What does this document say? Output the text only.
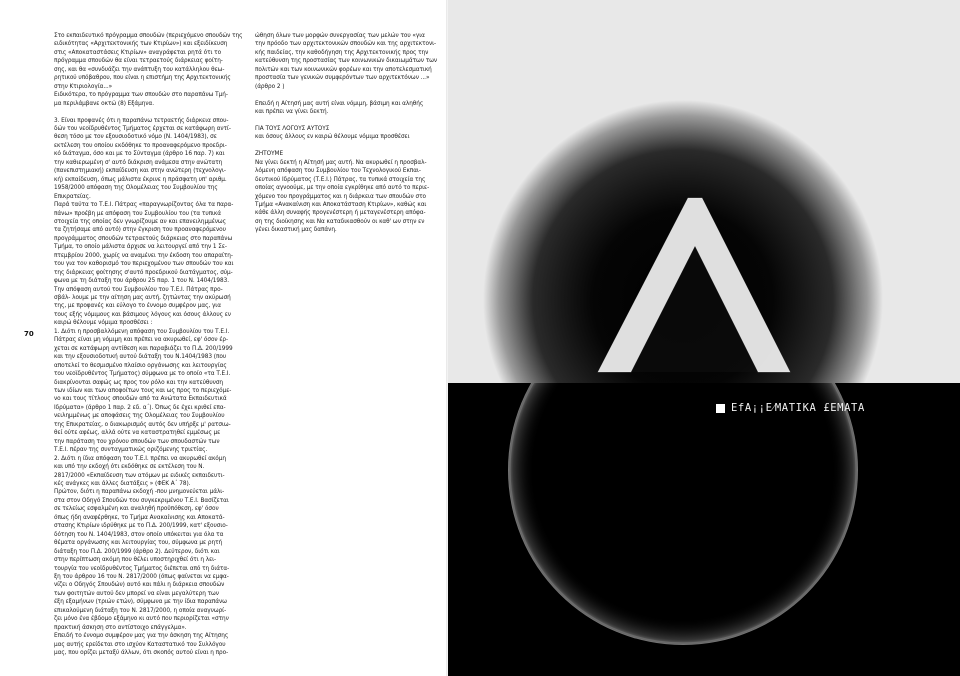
70

Στο εκπαιδευτικό πρόγραμμα σπουδών (περιεχόμενο σπουδών της

ειδικότητας «Αρχιτεκτονικής των Κτιρίων») και εξειδίκευση

στις «Αποκαταστάσεις Κτιρίων» αναγράφεται ρητά ότι το

πρόγραμμα σπουδών θα είναι τετραετούς διάρκειας φοίτη-

σης, και θα «συνδυάζει την ανάπτυξη του κατάλληλου θεω-

ρητικού υπόβαθρου, που είναι η επιστήμη της Αρχιτεκτονικής

στην Κτιριολογία...»

Ειδικότερα, το πρόγραμμα των σπουδών στο παραπάνω Τμή-

μα περιλάμβανε οκτώ (8) Εξάμηνα.

3. Είναι προφανές ότι η παραπάνω τετραετής διάρκεια σπου-

δών του νεοϊδρυθέντος Τμήματος έρχεται σε κατάφωρη αντί-

θεση τόσο με τον εξουσιοδοτικό νόμο (Ν. 1404/1983), σε

εκτέλεση του οποίου εκδόθηκε το προαναφερόμενο προεδρι-

κό διάταγμα, όσο και με το Σύνταγμα (άρθρο 16 παρ. 7) και

την καθιερωμένη σ' αυτό διάκριση ανάμεσα στην ανώτατη

(πανεπιστημιακή) εκπαίδευση και στην ανώτερη (τεχνολογι-

κή) εκπαίδευση, όπως μάλιστα έκρινε η πράσφατη υπ' αριθμ.

1958/2000 απόφαση της Ολομέλειας του Συμβουλίου της

Επικρατείας.

Παρά ταύτα το Τ.Ε.Ι. Πάτρας «παραγνωρίζοντας όλα τα παρα-

πάνω» προέβη με απόφαση του Συμβουλίου του (τα τυπικά

στοιχεία της οποίας δεν γνωρίζουμε αν και επανειλημμένως

τα ζητήσαμε από αυτό) στην έγκριση του προαναφερόμενου

προγράμματος σπουδών τετραετούς διάρκειας στο παραπάνω

Τμήμα, το οποίο μάλιστα άρχισε να λειτουργεί από την 1 Σε-

πτεμβρίου 2000, χωρίς να αναμένει την έκδοση του απαραίτη-

του για τον καθορισμό του περιεχομένου των σπουδών του και

της διάρκειας φοίτησης σ'αυτό προεδρικού διατάγματος, σύμ-

φωνα με τη διάταξη του άρθρου 25 παρ. 1 του Ν. 1404/1983.

Την απόφαση αυτού του Συμβουλίου του Τ.Ε.Ι. Πάτρας προ-

σβάλ- λουμε με την αίτηση μας αυτή, ζητώντας την ακύρωσή

της, με προφανές και εύλογο το έννομο συμφέρον μας, για

τους εξής νόμιμους και βάσιμους λόγους και όσους άλλους εν

καιρώ θέλουμε νόμιμα προσθέσει :

1. Διότι η προσβαλλόμενη απόφαση του Συμβουλίου του Τ.Ε.Ι.

Πάτρας είναι μη νόμιμη και πρέπει να ακυρωθεί, εφ' όσον έρ-

χεται σε κατάφωρη αντίθεση και παραβιάζει το Π.Δ. 200/1999

και την εξουσιοδοτική αυτού διάταξη του Ν.1404/1983 (που

αποτελεί το θεσμισμένο πλαίσιο οργάνωσης και λειτουργίας

του νεοϊδρυθέντος Τμήματος) σύμφωνα με το οποίο «τα Τ.Ε.Ι.

διακρίνονται σαφώς ως προς τον ρόλο και την κατεύθυνση

των ιδίων και των αποφοίτων τους και ως προς το περιεχόμε-

νο και τους τίτλους σπουδών από τα Ανώτατα Εκπαιδευτικά

Ιδρύματα» (άρθρο 1 παρ. 2 εδ. α΄). Όπως δε έχει κριθεί επα-

νειλημμένως με αποφάσεις της Ολομέλειας του Συμβουλίου

της Επικρατείας, ο διακωρισμός αυτός δεν υπήρξε μ' ρατσιω-

θεί ούτε αφέως, αλλά ούτε να καταστρατηθεί εμμέσως με

την παράταση του χρόνου σπουδών των σπουδαστών των

Τ.Ε.Ι. πέραν της συνταγματικώς οριζόμενης τριετίας.

2. Διότι η ίδια απόφαση του Τ.Ε.Ι. πρέπει να ακυρωθεί ακόμη

και υπό την εκδοχή ότι εκδόθηκε σε εκτέλεση του Ν.

2817/2000 «Εκπαίδευση των ατόμων με ειδικές εκπαιδευτι-

κές ανάγκες και άλλες διατάξεις » (ΦΕΚ Α΄ 78).

Πρώτον, διότι η παραπάνω εκδοχή -που μνημονεύεται μάλι-

στα στον Οδηγό Σπουδών του συγκεκριμένου Τ.Ε.Ι. Βασίζεται

σε τελείως εσφαλμένη και αναληθή προϋπόθεση, εφ' όσον

όπως ήδη αναφέρθηκε, το Τμήμα Ανακαίνισης και Αποκατά-

στασης Κτιρίων ιδρύθηκε με το Π.Δ. 200/1999, κατ' εξουσιο-

δότηση του Ν. 1404/1983, στον οποίο υπόκειται για όλα τα

θέματα οργάνωσης και λειτουργίας του, σύμφωνα με ρητή

διάταξη του Π.Δ. 200/1999 (άρθρο 2). Δεύτερον, διότι και

στην περίπτωση ακόμη που θέλει υποστηριχθεί ότι η λει-

τουργία του νεοϊδρυθέντος Τμήματος διέπεται από τη διάτα-

ξη του άρθρου 16 του Ν. 2817/2000 (όπως φαίνεται να εμφα-

νίζει ο Οδηγός Σπουδών) αυτό και πάλι η διάρκεια σπουδών

των φοιτητών αυτού δεν μπορεί να είναι μεγαλύτερη των

έξη εξαμήνων (τριών ετών), σύμφωνα με την ίδια παραπάνω

επικαλούμενη διάταξη του Ν. 2817/2000, η οποία αναγνωρί-

ζει μόνο ένα έβδομο εξάμηνο κι αυτό που περιορίζεται «στην

πρακτική άσκηση στο αντίστοιχο επάγγελμα».

Επειδή το έννομο συμφέρον μας για την άσκηση της Αίτησης

μας αυτής ερείδεται στο ισχύον Καταστατικό του Συλλόγου

μας, που ορίζει μεταξύ άλλων, ότι σκοπός αυτού είναι η προ-

ώθηση όλων των μορφών συνεργασίας των μελών του «για

την πρόοδο των αρχιτεκτονικών σπουδών και της αρχιτεκτονι-

κής παιδείας, την καθοδήγηση της Αρχιτεκτονικής προς την

κατεύθυνση της προστασίας των κοινωνικών δικαιωμάτων των

πολιτών και των κοινωνικών φορέων και την αποτελεσματική

προστασία των γενικών συμφερόντων των αρχιτεκτόνων ...»

(άρθρο 2 )

Επειδή η Αίτησή μας αυτή είναι νόμιμη, βάσιμη και αληθής

και πρέπει να γίνει δεκτή.

ΓΙΑ ΤΟΥΣ ΛΟΓΟΥΣ ΑΥΤΟΥΣ

και όσους άλλους εν καιρώ θέλουμε νόμιμα προσθέσει

ΖΗΤΟΥΜΕ

Να γίνει δεκτή η Αίτησή μας αυτή. Να ακυρωθεί η προσβαλ-

λόμενη απόφαση του Συμβουλίου του Τεχνολογικού Εκπαι-

δευτικού Ιδρύματος (Τ.Ε.Ι.) Πάτρας, τα τυπικά στοιχεία της

οποίας αγνοούμε, με την οποία εγκρίθηκε από αυτό το περιε-

χόμενο του προγράμματος και η διάρκεια των σπουδών στο

Τμήμα «Ανακαίνιση και Αποκατάσταση Κτιρίων», καθώς και

κάθε άλλη συναφής προγενέστερη ή μεταγενέστερη απόφα-

ση της διοίκησης και Να καταδικασθούν οι καθ' ων στην εν

γένει δικαστική μας δαπάνη.

ΕfΑ¡¡Ε⁄ΜΑΤΙΚΑ £ΕΜΑΤΑ
